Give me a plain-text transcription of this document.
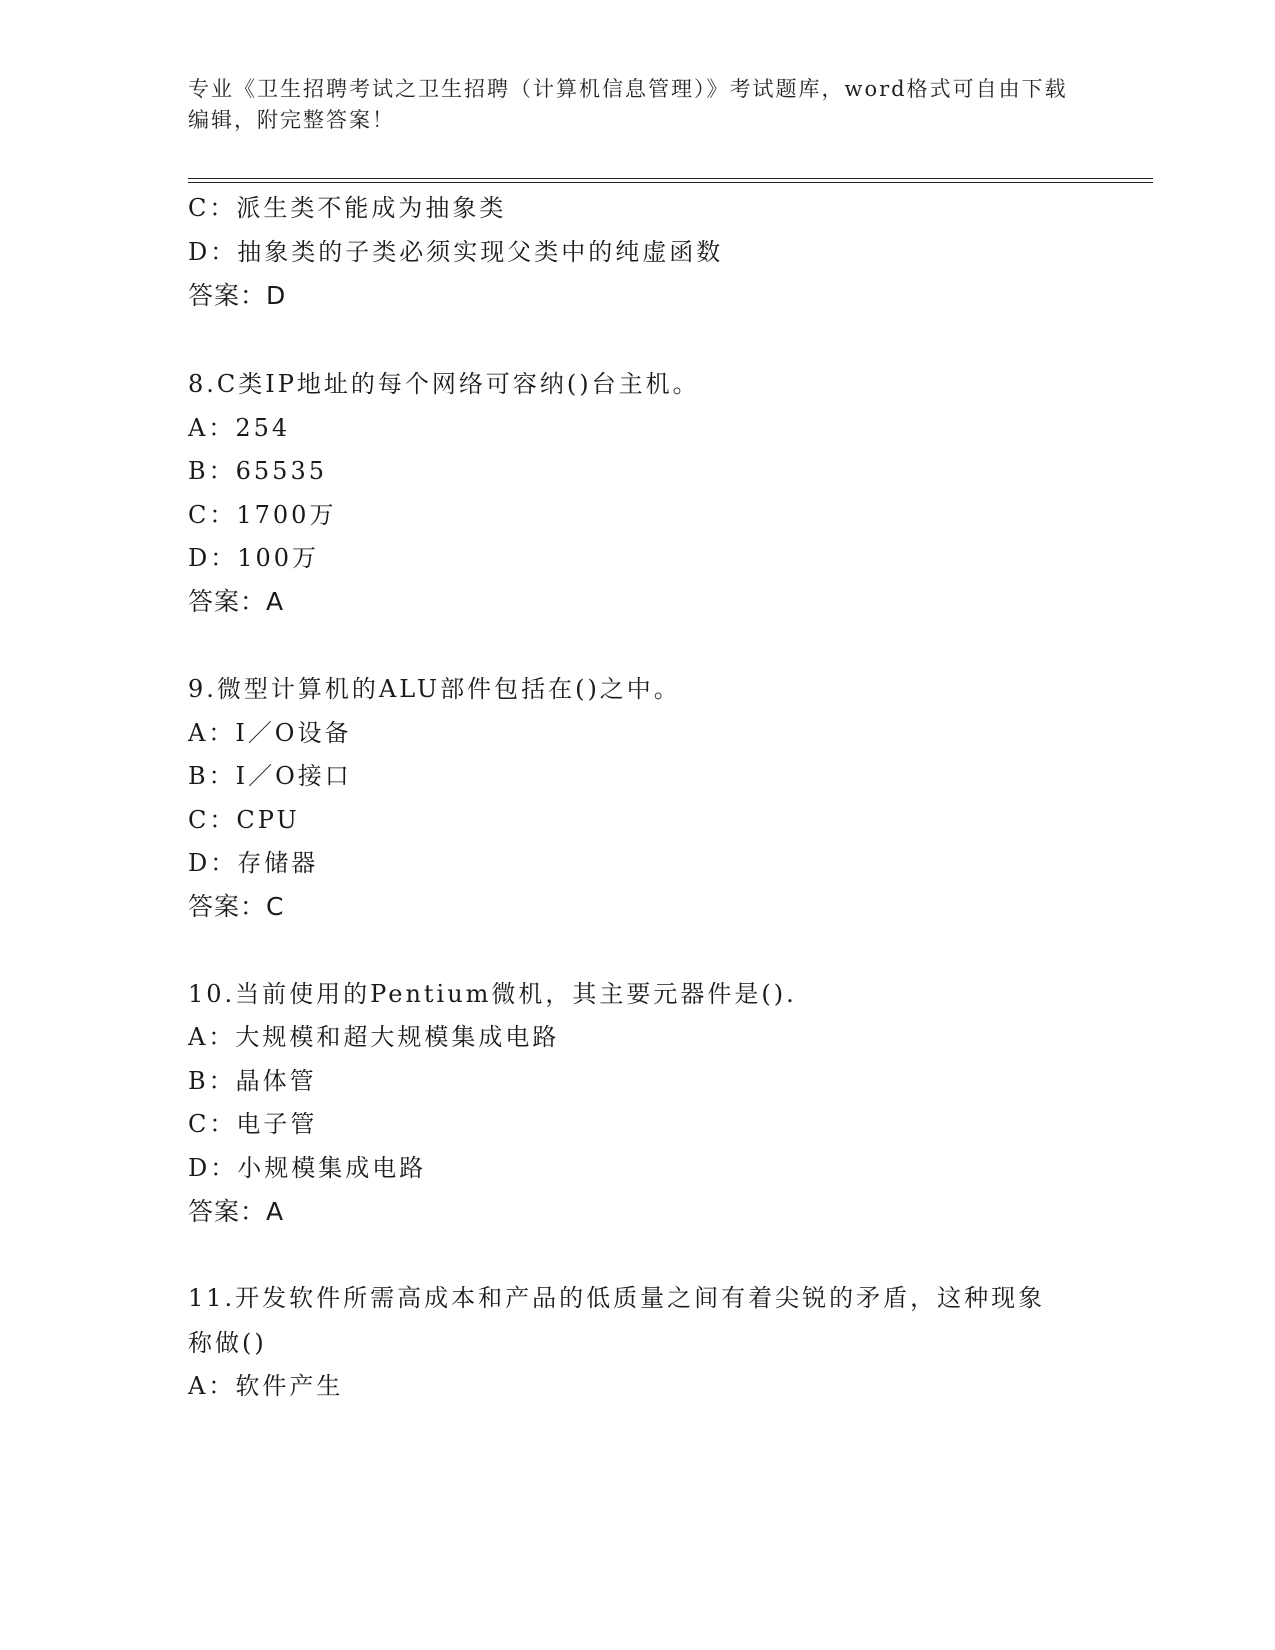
专业《卫生招聘考试之卫生招聘（计算机信息管理）》考试题库，word格式可自由下载编辑，附完整答案！
C：派生类不能成为抽象类
D：抽象类的子类必须实现父类中的纯虚函数
答案：D
8.C类IP地址的每个网络可容纳()台主机。
A：254
B：65535
C：1700万
D：100万
答案：A
9.微型计算机的ALU部件包括在()之中。
A：I／O设备
B：I／O接口
C：CPU
D：存储器
答案：C
10.当前使用的Pentium微机，其主要元器件是().
A：大规模和超大规模集成电路
B：晶体管
C：电子管
D：小规模集成电路
答案：A
11.开发软件所需高成本和产品的低质量之间有着尖锐的矛盾，这种现象称做()
A：软件产生
